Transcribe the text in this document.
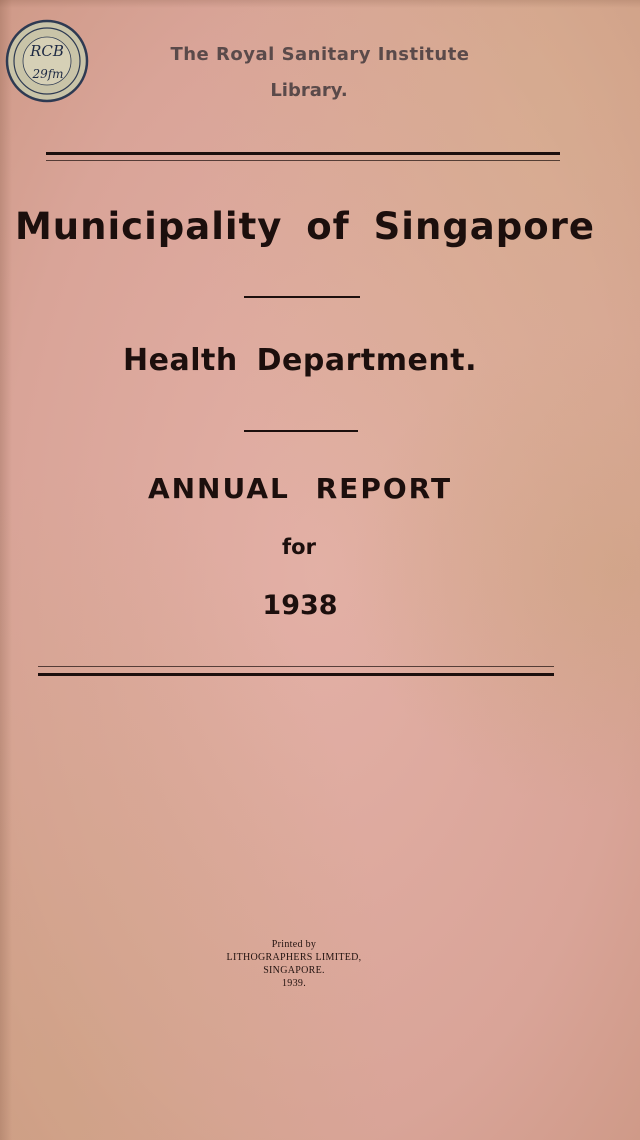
RCB
29fm
The Royal Sanitary Institute
Library.
Municipality of Singapore
Health Department.
ANNUAL REPORT
for
1938
Printed by
LITHOGRAPHERS LIMITED,
SINGAPORE.
1939.
